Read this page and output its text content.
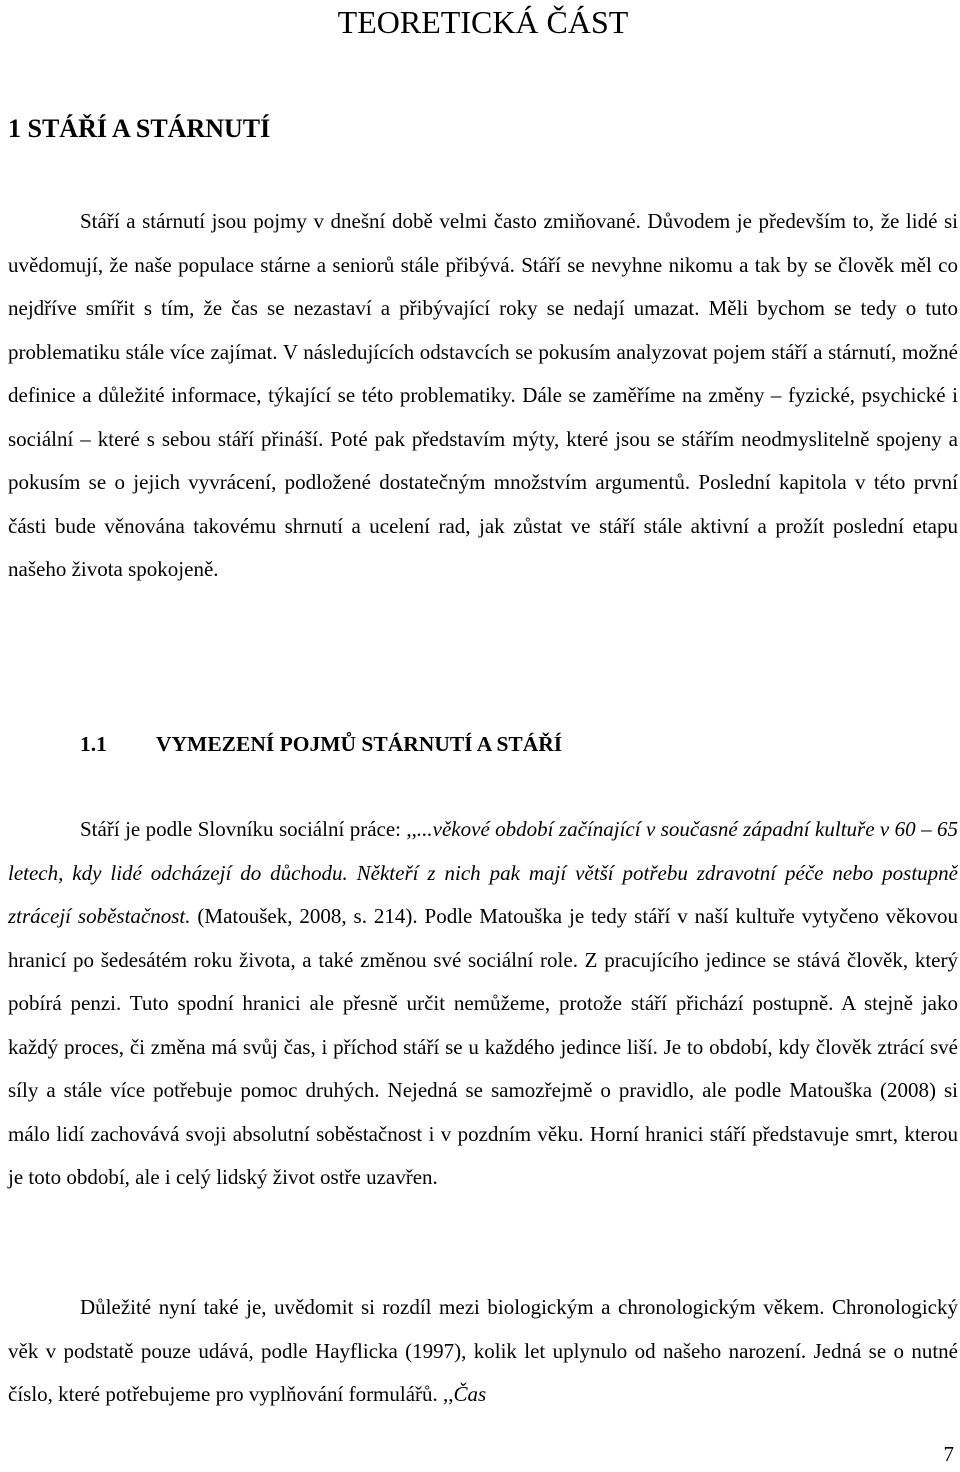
TEORETICKÁ ČÁST
1 STÁŘÍ A STÁRNUTÍ

Stáří a stárnutí jsou pojmy v dnešní době velmi často zmiňované. Důvodem je především to, že lidé si uvědomují, že naše populace stárne a seniorů stále přibývá. Stáří se nevyhne nikomu a tak by se člověk měl co nejdříve smířit s tím, že čas se nezastaví a přibývající roky se nedají umazat. Měli bychom se tedy o tuto problematiku stále více zajímat. V následujících odstavcích se pokusím analyzovat pojem stáří a stárnutí, možné definice a důležité informace, týkající se této problematiky. Dále se zaměříme na změny – fyzické, psychické i sociální – které s sebou stáří přináší. Poté pak představím mýty, které jsou se stářím neodmyslitelně spojeny a pokusím se o jejich vyvrácení, podložené dostatečným množstvím argumentů. Poslední kapitola v této první části bude věnována takovému shrnutí a ucelení rad, jak zůstat ve stáří stále aktivní a prožít poslední etapu našeho života spokojeně.

1.1 VYMEZENÍ POJMŮ STÁRNUTÍ A STÁŘÍ

Stáří je podle Slovníku sociální práce: ,,...věkové období začínající v současné západní kultuře v 60 – 65 letech, kdy lidé odcházejí do důchodu. Někteří z nich pak mají větší potřebu zdravotní péče nebo postupně ztrácejí soběstačnost. (Matoušek, 2008, s. 214). Podle Matouška je tedy stáří v naší kultuře vytyčeno věkovou hranicí po šedesátém roku života, a také změnou své sociální role. Z pracujícího jedince se stává člověk, který pobírá penzi. Tuto spodní hranici ale přesně určit nemůžeme, protože stáří přichází postupně. A stejně jako každý proces, či změna má svůj čas, i příchod stáří se u každého jedince liší. Je to období, kdy člověk ztrácí své síly a stále více potřebuje pomoc druhých. Nejedná se samozřejmě o pravidlo, ale podle Matouška (2008) si málo lidí zachovává svoji absolutní soběstačnost i v pozdním věku. Horní hranici stáří představuje smrt, kterou je toto období, ale i celý lidský život ostře uzavřen.

Důležité nyní také je, uvědomit si rozdíl mezi biologickým a chronologickým věkem. Chronologický věk v podstatě pouze udává, podle Hayflicka (1997), kolik let uplynulo od našeho narození. Jedná se o nutné číslo, které potřebujeme pro vyplňování formulářů. ,,Čas

7
